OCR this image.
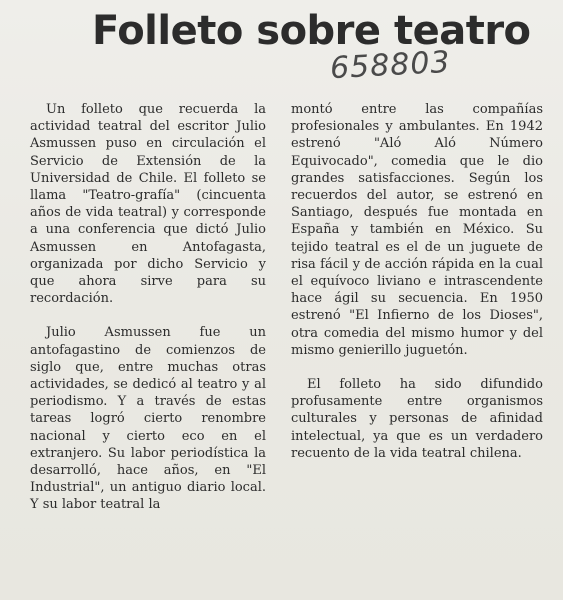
Folleto sobre teatro
658803

Un folleto que recuerda la actividad teatral del escritor Julio Asmussen puso en circulación el Servicio de Extensión de la Universidad de Chile. El folleto se llama "Teatro-grafía" (cincuenta años de vida teatral) y corresponde a una conferencia que dictó Julio Asmussen en Antofagasta, organizada por dicho Servicio y que ahora sirve para su recordación.

Julio Asmussen fue un antofagastino de comienzos de siglo que, entre muchas otras actividades, se dedicó al teatro y al periodismo. Y a través de estas tareas logró cierto renombre nacional y cierto eco en el extranjero. Su labor periodística la desarrolló, hace años, en "El Industrial", un antiguo diario local. Y su labor teatral la

montó entre las compañías profesionales y ambulantes. En 1942 estrenó "Aló Aló Número Equivocado", comedia que le dio grandes satisfacciones. Según los recuerdos del autor, se estrenó en Santiago, después fue montada en España y también en México. Su tejido teatral es el de un juguete de risa fácil y de acción rápida en la cual el equívoco liviano e intrascendente hace ágil su secuencia. En 1950 estrenó "El Infierno de los Dioses", otra comedia del mismo humor y del mismo genierillo juguetón.

El folleto ha sido difundido profusamente entre organismos culturales y personas de afinidad intelectual, ya que es un verdadero recuento de la vida teatral chilena.
